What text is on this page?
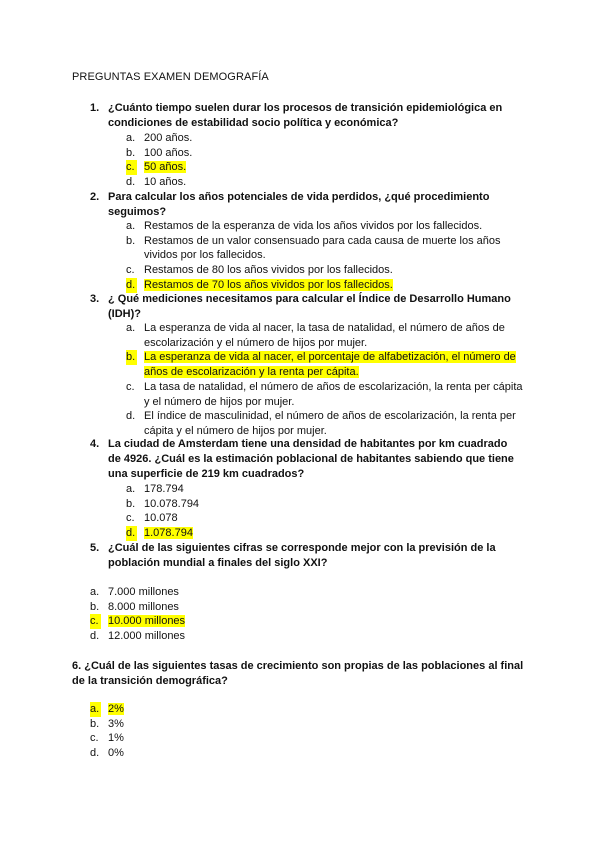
PREGUNTAS EXAMEN DEMOGRAFÍA
1. ¿Cuánto tiempo suelen durar los procesos de transición epidemiológica en condiciones de estabilidad socio política y económica?
a. 200 años.
b. 100 años.
c. 50 años.
d. 10 años.
2. Para calcular los años potenciales de vida perdidos, ¿qué procedimiento seguimos?
a. Restamos de la esperanza de vida los años vividos por los fallecidos.
b. Restamos de un valor consensuado para cada causa de muerte los años vividos por los fallecidos.
c. Restamos de 80 los años vividos por los fallecidos.
d. Restamos de 70 los años vividos por los fallecidos.
3. ¿ Qué mediciones necesitamos para calcular el Índice de Desarrollo Humano (IDH)?
a. La esperanza de vida al nacer, la tasa de natalidad, el número de años de escolarización y el número de hijos por mujer.
b. La esperanza de vida al nacer, el porcentaje de alfabetización, el número de años de escolarización y la renta per cápita.
c. La tasa de natalidad, el número de años de escolarización, la renta per cápita y el número de hijos por mujer.
d. El índice de masculinidad, el número de años de escolarización, la renta per cápita y el número de hijos por mujer.
4. La ciudad de Amsterdam tiene una densidad de habitantes por km cuadrado de 4926. ¿Cuál es la estimación poblacional de habitantes sabiendo que tiene una superficie de 219 km cuadrados?
a. 178.794
b. 10.078.794
c. 10.078
d. 1.078.794
5. ¿Cuál de las siguientes cifras se corresponde mejor con la previsión de la población mundial a finales del siglo XXI?
a. 7.000 millones
b. 8.000 millones
c. 10.000 millones
d. 12.000 millones
6. ¿Cuál de las siguientes tasas de crecimiento son propias de las poblaciones al final de la transición demográfica?
a. 2%
b. 3%
c. 1%
d. 0%
